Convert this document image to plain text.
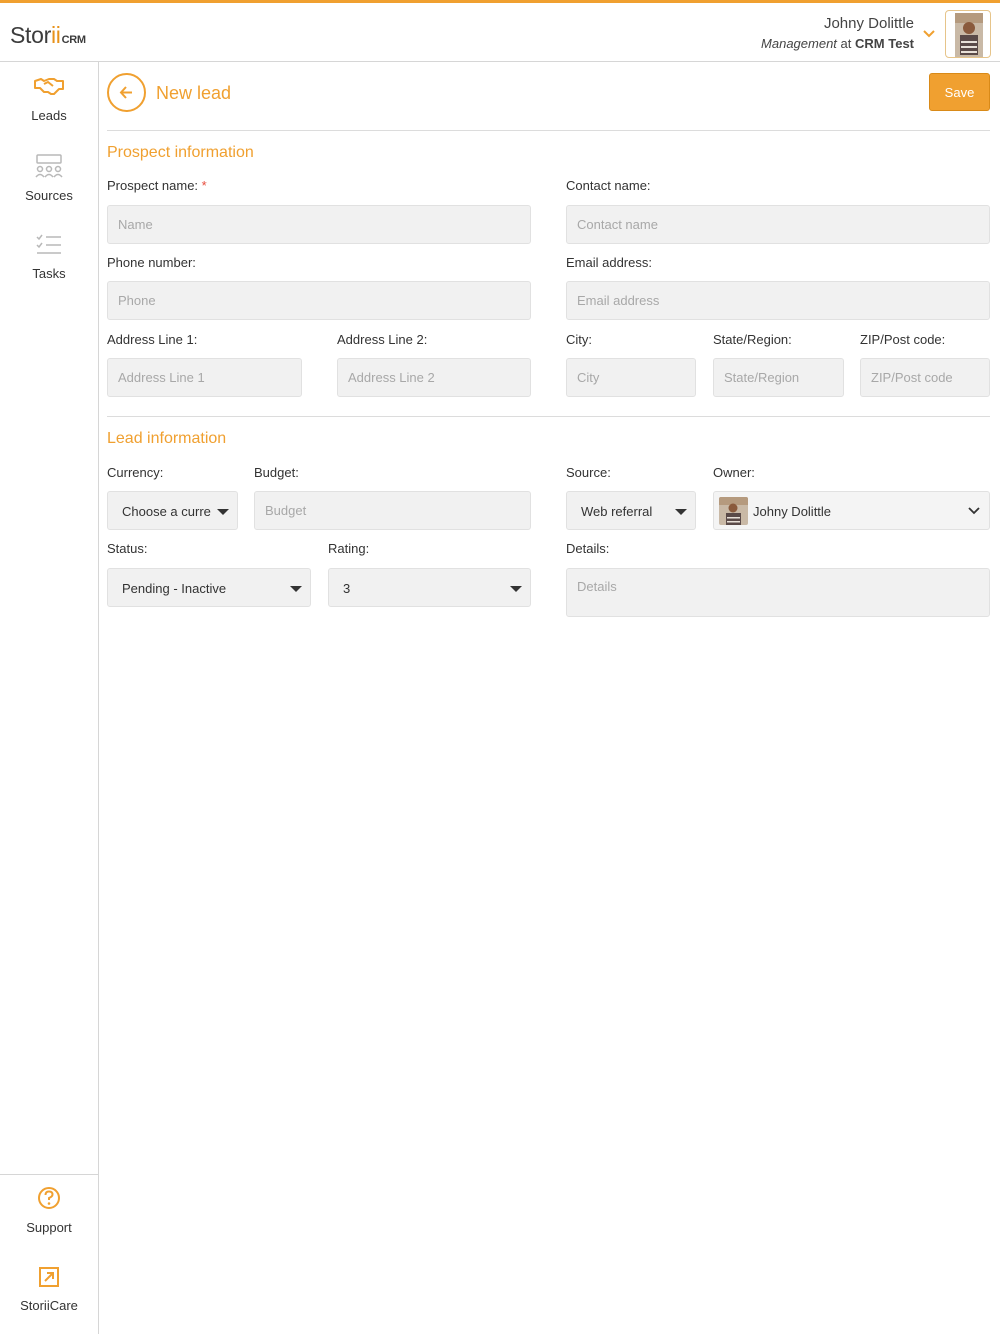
StoriiCRM
Johny Dolittle
Management at CRM Test
Leads
Sources
Tasks
Support
StoriiCare
New lead	Save
Prospect information
Prospect name: *
Name	Contact name:
Contact name
Phone number:
Phone	Email address:
Email address
Address Line 1:
Address Line 1	Address Line 2:
Address Line 2	City:
City	State/Region:
State/Region	ZIP/Post code:
ZIP/Post code
Lead information
Currency:
Choose a curre
Budget:
Budget	Source:
Web referral
Owner:
Johny Dolittle
Status:
Pending - Inactive
Rating:
3
Details:
Details
